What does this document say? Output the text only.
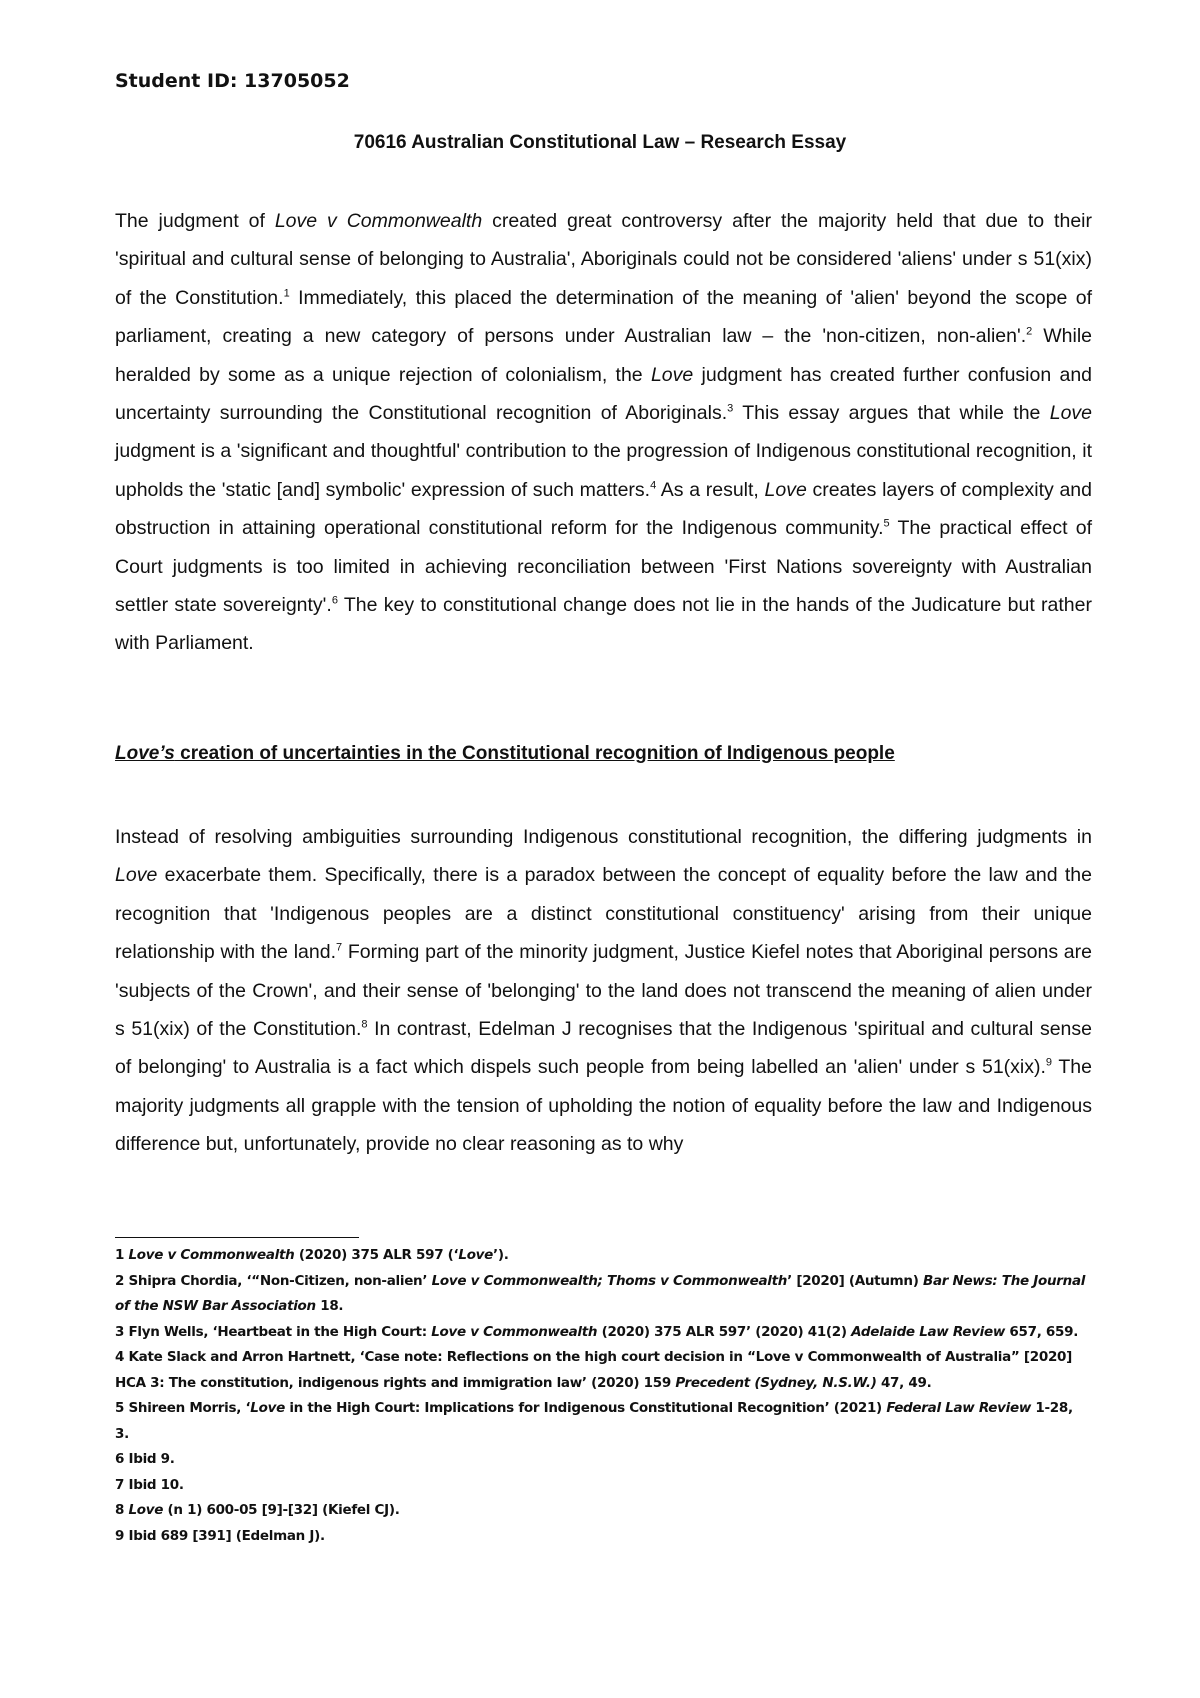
Student ID: 13705052

70616 Australian Constitutional Law – Research Essay

The judgment of Love v Commonwealth created great controversy after the majority held that due to their 'spiritual and cultural sense of belonging to Australia', Aboriginals could not be considered 'aliens' under s 51(xix) of the Constitution.$^1$ Immediately, this placed the determination of the meaning of 'alien' beyond the scope of parliament, creating a new category of persons under Australian law – the 'non-citizen, non-alien'.$^2$ While heralded by some as a unique rejection of colonialism, the Love judgment has created further confusion and uncertainty surrounding the Constitutional recognition of Aboriginals.$^3$ This essay argues that while the Love judgment is a 'significant and thoughtful' contribution to the progression of Indigenous constitutional recognition, it upholds the 'static [and] symbolic' expression of such matters.$^4$ As a result, Love creates layers of complexity and obstruction in attaining operational constitutional reform for the Indigenous community.$^5$ The practical effect of Court judgments is too limited in achieving reconciliation between 'First Nations sovereignty with Australian settler state sovereignty'.$^6$ The key to constitutional change does not lie in the hands of the Judicature but rather with Parliament.

Love’s creation of uncertainties in the Constitutional recognition of Indigenous people

Instead of resolving ambiguities surrounding Indigenous constitutional recognition, the differing judgments in Love exacerbate them. Specifically, there is a paradox between the concept of equality before the law and the recognition that 'Indigenous peoples are a distinct constitutional constituency' arising from their unique relationship with the land.$^7$ Forming part of the minority judgment, Justice Kiefel notes that Aboriginal persons are 'subjects of the Crown', and their sense of 'belonging' to the land does not transcend the meaning of alien under s 51(xix) of the Constitution.$^8$ In contrast, Edelman J recognises that the Indigenous 'spiritual and cultural sense of belonging' to Australia is a fact which dispels such people from being labelled an 'alien' under s 51(xix).$^9$ The majority judgments all grapple with the tension of upholding the notion of equality before the law and Indigenous difference but, unfortunately, provide no clear reasoning as to why

1 Love v Commonwealth (2020) 375 ALR 597 (‘Love’).
2 Shipra Chordia, ‘“Non-Citizen, non-alien’ Love v Commonwealth; Thoms v Commonwealth’ [2020] (Autumn) Bar News: The Journal of the NSW Bar Association 18.
3 Flyn Wells, ‘Heartbeat in the High Court: Love v Commonwealth (2020) 375 ALR 597’ (2020) 41(2) Adelaide Law Review 657, 659.
4 Kate Slack and Arron Hartnett, ‘Case note: Reflections on the high court decision in “Love v Commonwealth of Australia” [2020] HCA 3: The constitution, indigenous rights and immigration law’ (2020) 159 Precedent (Sydney, N.S.W.) 47, 49.
5 Shireen Morris, ‘Love in the High Court: Implications for Indigenous Constitutional Recognition’ (2021) Federal Law Review 1-28, 3.
6 Ibid 9.
7 Ibid 10.
8 Love (n 1) 600-05 [9]-[32] (Kiefel CJ).
9 Ibid 689 [391] (Edelman J).
